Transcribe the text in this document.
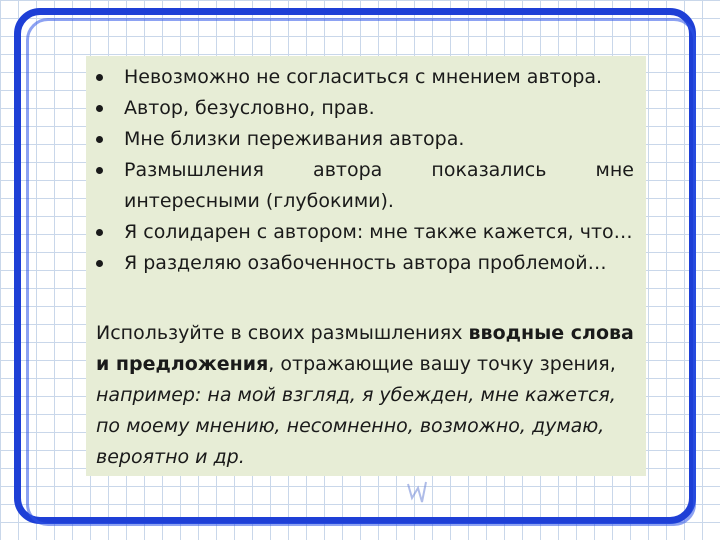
Невозможно не согласиться с мнением автора.
Автор, безусловно, прав.
Мне близки переживания автора.
Размышления автора показались мне
интересными (глубокими).
Я солидарен с автором: мне также кажется, что…
Я разделяю озабоченность автора проблемой…
Используйте в своих размышлениях вводные слова
и предложения, отражающие вашу точку зрения,
например: на мой взгляд, я убежден, мне кажется,
по моему мнению, несомненно, возможно, думаю,
вероятно и др.
